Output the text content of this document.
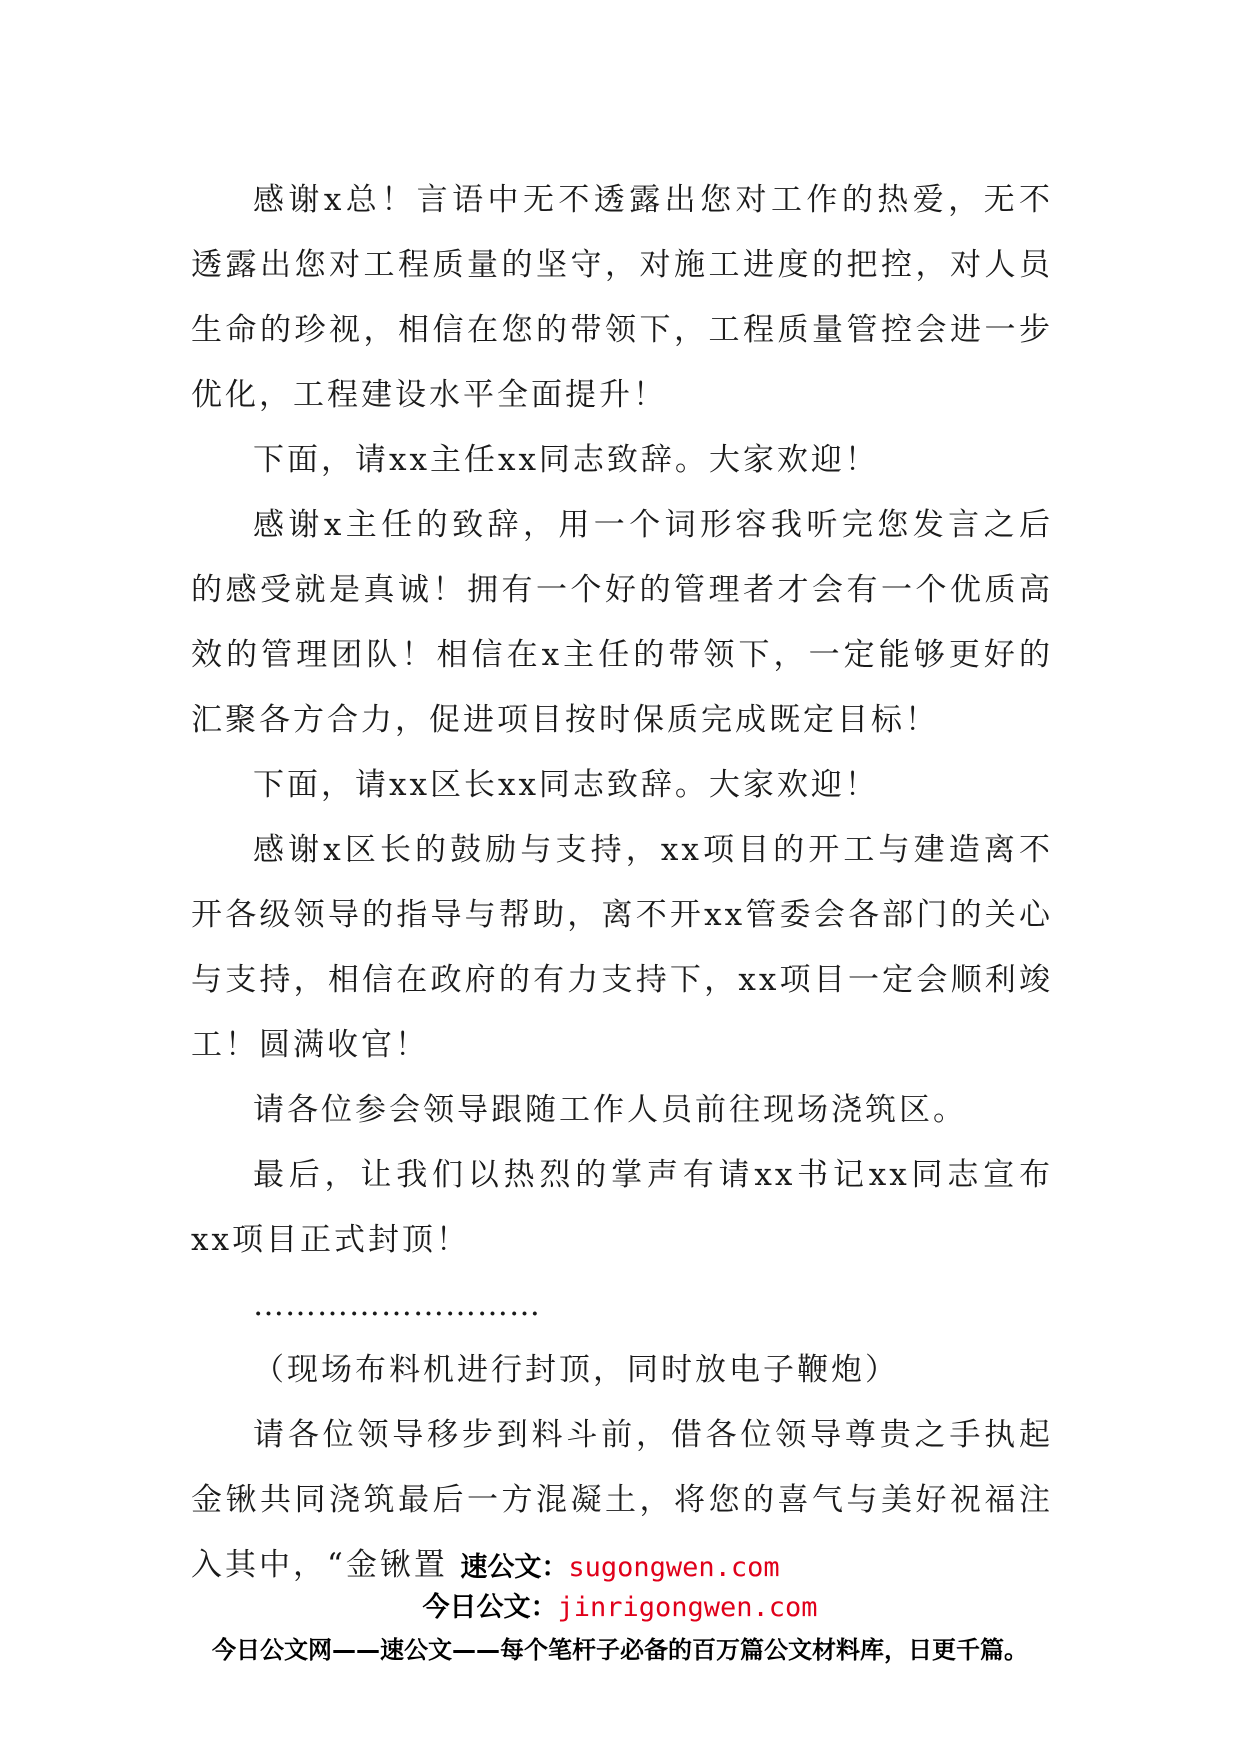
感谢x总！言语中无不透露出您对工作的热爱，无不透露出您对工程质量的坚守，对施工进度的把控，对人员生命的珍视，相信在您的带领下，工程质量管控会进一步优化，工程建设水平全面提升！

下面，请xx主任xx同志致辞。大家欢迎！

感谢x主任的致辞，用一个词形容我听完您发言之后的感受就是真诚！拥有一个好的管理者才会有一个优质高效的管理团队！相信在x主任的带领下，一定能够更好的汇聚各方合力，促进项目按时保质完成既定目标！

下面，请xx区长xx同志致辞。大家欢迎！

感谢x区长的鼓励与支持，xx项目的开工与建造离不开各级领导的指导与帮助，离不开xx管委会各部门的关心与支持，相信在政府的有力支持下，xx项目一定会顺利竣工！圆满收官！

请各位参会领导跟随工作人员前往现场浇筑区。

最后，让我们以热烈的掌声有请xx书记xx同志宣布xx项目正式封顶！

………………………

（现场布料机进行封顶，同时放电子鞭炮）

请各位领导移步到料斗前，借各位领导尊贵之手执起金锹共同浇筑最后一方混凝土，将您的喜气与美好祝福注入其中，“金锹置 速公文：sugongwen.com
今日公文：jinrigongwen.com
今日公文网——速公文——每个笔杆子必备的百万篇公文材料库，日更千篇。
